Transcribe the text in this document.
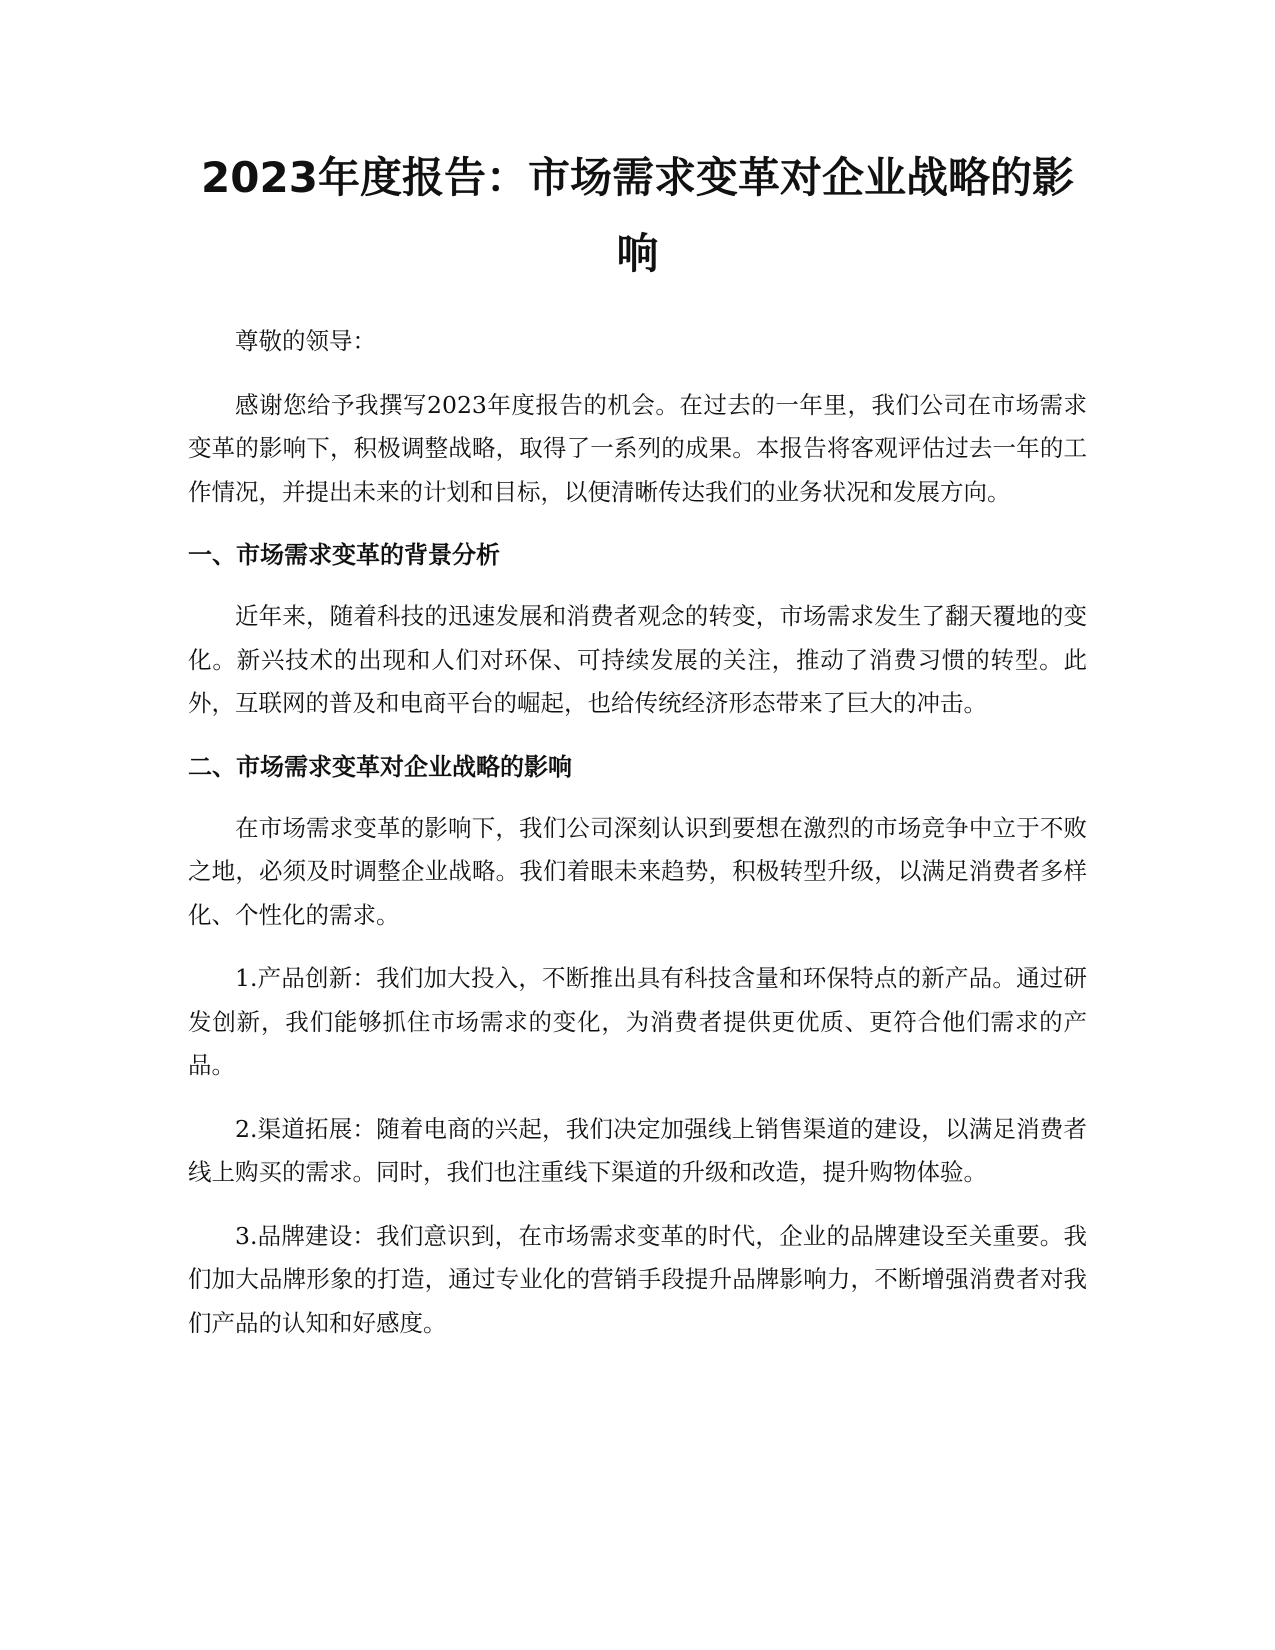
2023年度报告：市场需求变革对企业战略的影响

尊敬的领导：

感谢您给予我撰写2023年度报告的机会。在过去的一年里，我们公司在市场需求变革的影响下，积极调整战略，取得了一系列的成果。本报告将客观评估过去一年的工作情况，并提出未来的计划和目标，以便清晰传达我们的业务状况和发展方向。

一、市场需求变革的背景分析

近年来，随着科技的迅速发展和消费者观念的转变，市场需求发生了翻天覆地的变化。新兴技术的出现和人们对环保、可持续发展的关注，推动了消费习惯的转型。此外，互联网的普及和电商平台的崛起，也给传统经济形态带来了巨大的冲击。

二、市场需求变革对企业战略的影响

在市场需求变革的影响下，我们公司深刻认识到要想在激烈的市场竞争中立于不败之地，必须及时调整企业战略。我们着眼未来趋势，积极转型升级，以满足消费者多样化、个性化的需求。

1.产品创新：我们加大投入，不断推出具有科技含量和环保特点的新产品。通过研发创新，我们能够抓住市场需求的变化，为消费者提供更优质、更符合他们需求的产品。

2.渠道拓展：随着电商的兴起，我们决定加强线上销售渠道的建设，以满足消费者线上购买的需求。同时，我们也注重线下渠道的升级和改造，提升购物体验。

3.品牌建设：我们意识到，在市场需求变革的时代，企业的品牌建设至关重要。我们加大品牌形象的打造，通过专业化的营销手段提升品牌影响力，不断增强消费者对我们产品的认知和好感度。
